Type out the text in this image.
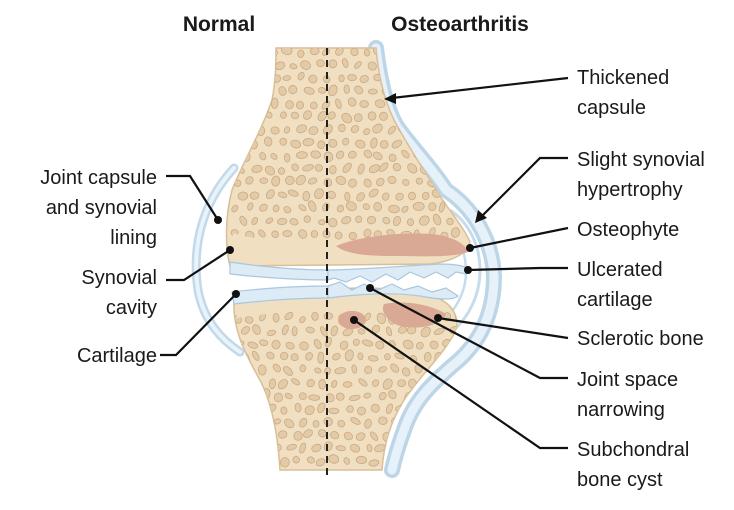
Normal	Osteoarthritis
Joint capsule
and synovial
lining
Synovial
cavity
Cartilage
Thickened
capsule
Slight synovial
hypertrophy
Osteophyte
Ulcerated
cartilage
Sclerotic bone
Joint space
narrowing
Subchondral
bone cyst
